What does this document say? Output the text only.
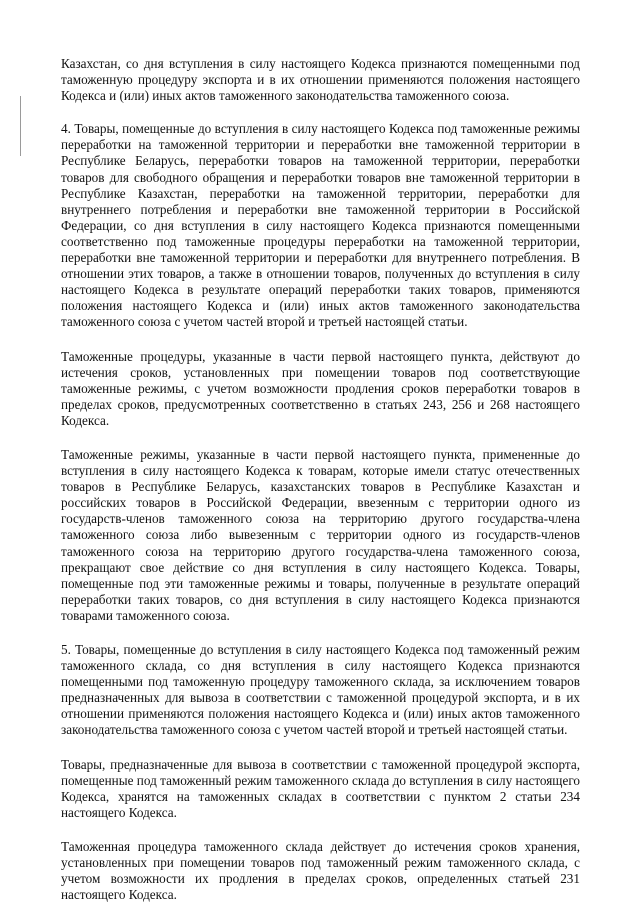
Казахстан, со дня вступления в силу настоящего Кодекса признаются помещенными под таможенную процедуру экспорта и в их отношении применяются положения настоящего Кодекса и (или) иных актов таможенного законодательства таможенного союза.

4. Товары, помещенные до вступления в силу настоящего Кодекса под таможенные режимы переработки на таможенной территории и переработки вне таможенной территории в Республике Беларусь, переработки товаров на таможенной территории, переработки товаров для свободного обращения и переработки товаров вне таможенной территории в Республике Казахстан, переработки на таможенной территории, переработки для внутреннего потребления и переработки вне таможенной территории в Российской Федерации, со дня вступления в силу настоящего Кодекса признаются помещенными соответственно под таможенные процедуры переработки на таможенной территории, переработки вне таможенной территории и переработки для внутреннего потребления. В отношении этих товаров, а также в отношении товаров, полученных до вступления в силу настоящего Кодекса в результате операций переработки таких товаров, применяются положения настоящего Кодекса и (или) иных актов таможенного законодательства таможенного союза с учетом частей второй и третьей настоящей статьи.

Таможенные процедуры, указанные в части первой настоящего пункта, действуют до истечения сроков, установленных при помещении товаров под соответствующие таможенные режимы, с учетом возможности продления сроков переработки товаров в пределах сроков, предусмотренных соответственно в статьях 243, 256 и 268 настоящего Кодекса.

Таможенные режимы, указанные в части первой настоящего пункта, примененные до вступления в силу настоящего Кодекса к товарам, которые имели статус отечественных товаров в Республике Беларусь, казахстанских товаров в Республике Казахстан и российских товаров в Российской Федерации, ввезенным с территории одного из государств-членов таможенного союза на территорию другого государства-члена таможенного союза либо вывезенным с территории одного из государств-членов таможенного союза на территорию другого государства-члена таможенного союза, прекращают свое действие со дня вступления в силу настоящего Кодекса. Товары, помещенные под эти таможенные режимы и товары, полученные в результате операций переработки таких товаров, со дня вступления в силу настоящего Кодекса признаются товарами таможенного союза.

5. Товары, помещенные до вступления в силу настоящего Кодекса под таможенный режим таможенного склада, со дня вступления в силу настоящего Кодекса признаются помещенными под таможенную процедуру таможенного склада, за исключением товаров предназначенных для вывоза в соответствии с таможенной процедурой экспорта, и в их отношении применяются положения настоящего Кодекса и (или) иных актов таможенного законодательства таможенного союза с учетом частей второй и третьей настоящей статьи.

Товары, предназначенные для вывоза в соответствии с таможенной процедурой экспорта, помещенные под таможенный режим таможенного склада до вступления в силу настоящего Кодекса, хранятся на таможенных складах в соответствии с пунктом 2 статьи 234 настоящего Кодекса.

Таможенная процедура таможенного склада действует до истечения сроков хранения, установленных при помещении товаров под таможенный режим таможенного склада, с учетом возможности их продления в пределах сроков, определенных статьей 231 настоящего Кодекса.
